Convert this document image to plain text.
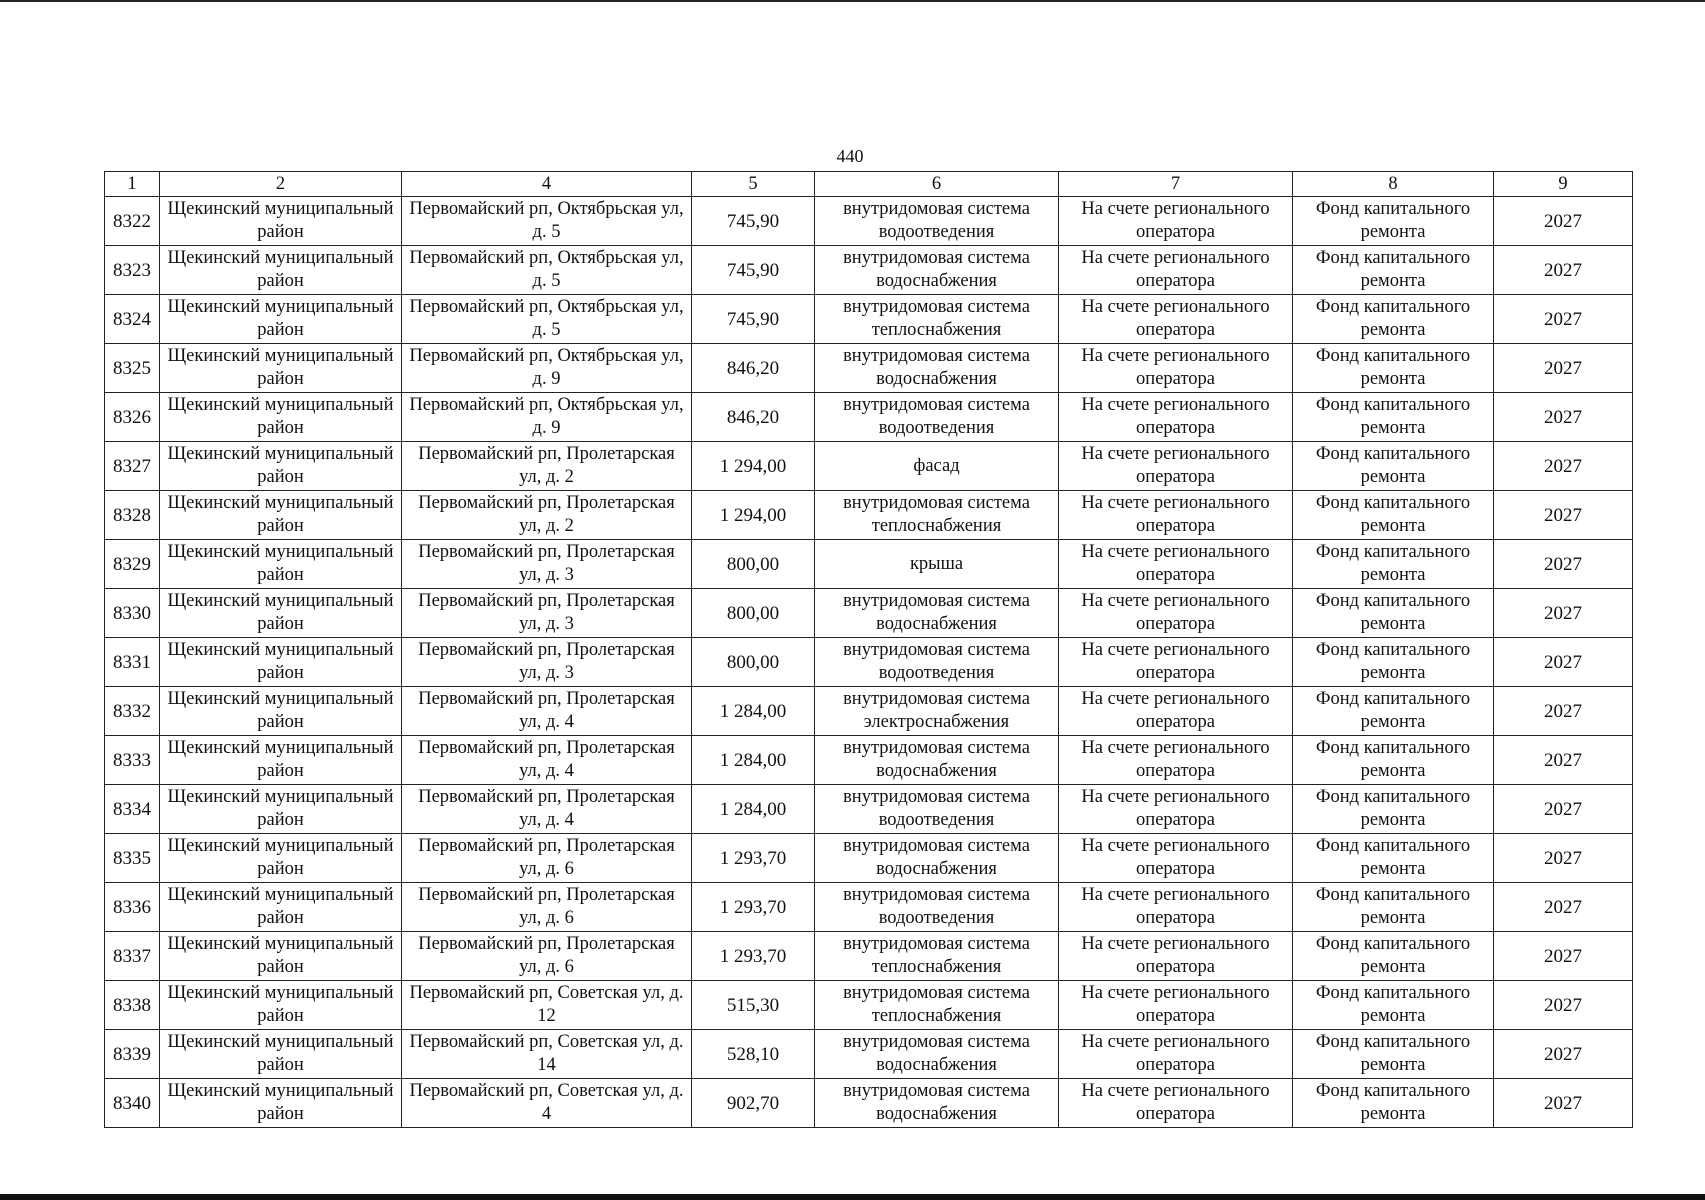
440
1	2	4	5	6	7	8	9
8322	Щекинский муниципальный район	Первомайский рп, Октябрьская ул, д. 5	745,90	внутридомовая система водоотведения	На счете регионального оператора	Фонд капитального ремонта	2027
8323	Щекинский муниципальный район	Первомайский рп, Октябрьская ул, д. 5	745,90	внутридомовая система водоснабжения	На счете регионального оператора	Фонд капитального ремонта	2027
8324	Щекинский муниципальный район	Первомайский рп, Октябрьская ул, д. 5	745,90	внутридомовая система теплоснабжения	На счете регионального оператора	Фонд капитального ремонта	2027
8325	Щекинский муниципальный район	Первомайский рп, Октябрьская ул, д. 9	846,20	внутридомовая система водоснабжения	На счете регионального оператора	Фонд капитального ремонта	2027
8326	Щекинский муниципальный район	Первомайский рп, Октябрьская ул, д. 9	846,20	внутридомовая система водоотведения	На счете регионального оператора	Фонд капитального ремонта	2027
8327	Щекинский муниципальный район	Первомайский рп, Пролетарская ул, д. 2	1 294,00	фасад	На счете регионального оператора	Фонд капитального ремонта	2027
8328	Щекинский муниципальный район	Первомайский рп, Пролетарская ул, д. 2	1 294,00	внутридомовая система теплоснабжения	На счете регионального оператора	Фонд капитального ремонта	2027
8329	Щекинский муниципальный район	Первомайский рп, Пролетарская ул, д. 3	800,00	крыша	На счете регионального оператора	Фонд капитального ремонта	2027
8330	Щекинский муниципальный район	Первомайский рп, Пролетарская ул, д. 3	800,00	внутридомовая система водоснабжения	На счете регионального оператора	Фонд капитального ремонта	2027
8331	Щекинский муниципальный район	Первомайский рп, Пролетарская ул, д. 3	800,00	внутридомовая система водоотведения	На счете регионального оператора	Фонд капитального ремонта	2027
8332	Щекинский муниципальный район	Первомайский рп, Пролетарская ул, д. 4	1 284,00	внутридомовая система электроснабжения	На счете регионального оператора	Фонд капитального ремонта	2027
8333	Щекинский муниципальный район	Первомайский рп, Пролетарская ул, д. 4	1 284,00	внутридомовая система водоснабжения	На счете регионального оператора	Фонд капитального ремонта	2027
8334	Щекинский муниципальный район	Первомайский рп, Пролетарская ул, д. 4	1 284,00	внутридомовая система водоотведения	На счете регионального оператора	Фонд капитального ремонта	2027
8335	Щекинский муниципальный район	Первомайский рп, Пролетарская ул, д. 6	1 293,70	внутридомовая система водоснабжения	На счете регионального оператора	Фонд капитального ремонта	2027
8336	Щекинский муниципальный район	Первомайский рп, Пролетарская ул, д. 6	1 293,70	внутридомовая система водоотведения	На счете регионального оператора	Фонд капитального ремонта	2027
8337	Щекинский муниципальный район	Первомайский рп, Пролетарская ул, д. 6	1 293,70	внутридомовая система теплоснабжения	На счете регионального оператора	Фонд капитального ремонта	2027
8338	Щекинский муниципальный район	Первомайский рп, Советская ул, д. 12	515,30	внутридомовая система теплоснабжения	На счете регионального оператора	Фонд капитального ремонта	2027
8339	Щекинский муниципальный район	Первомайский рп, Советская ул, д. 14	528,10	внутридомовая система водоснабжения	На счете регионального оператора	Фонд капитального ремонта	2027
8340	Щекинский муниципальный район	Первомайский рп, Советская ул, д. 4	902,70	внутридомовая система водоснабжения	На счете регионального оператора	Фонд капитального ремонта	2027
